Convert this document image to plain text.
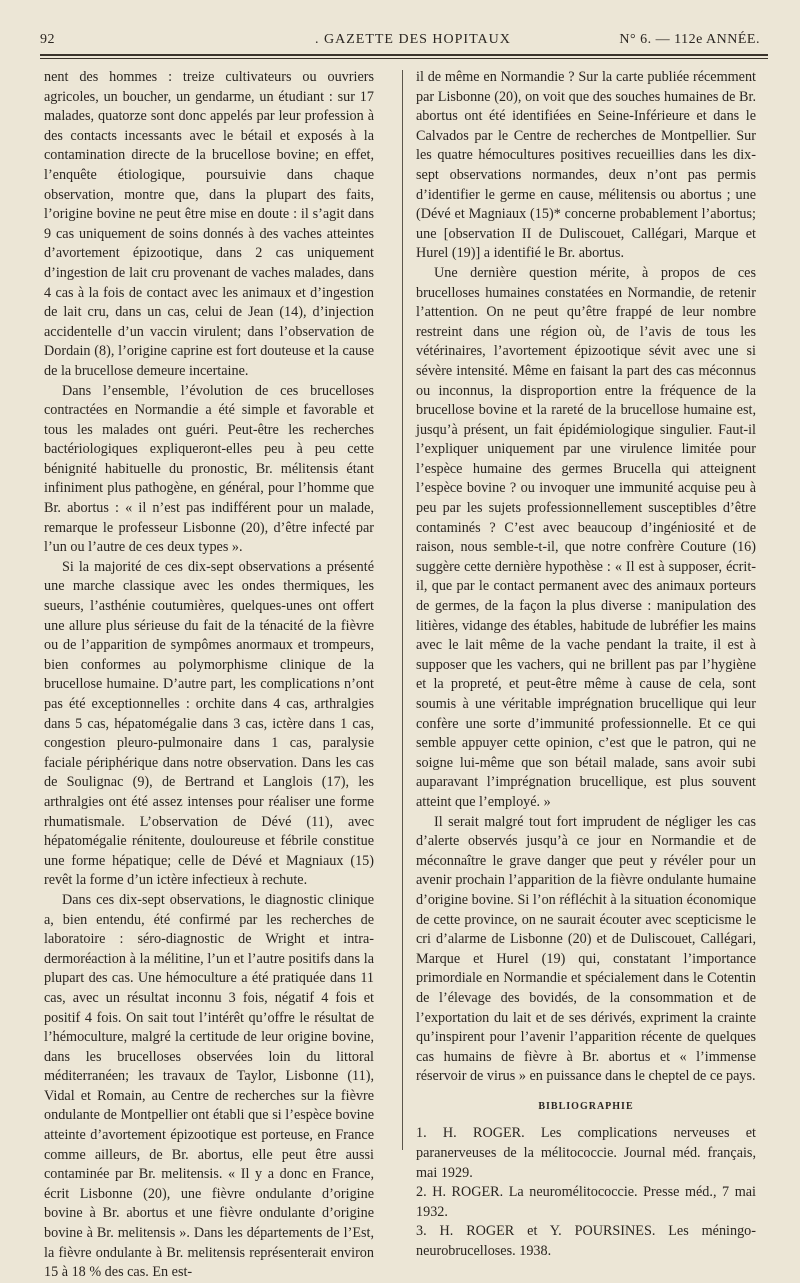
92	. GAZETTE DES HOPITAUX	N° 6. — 112e ANNÉE.

nent des hommes : treize cultivateurs ou ouvriers agricoles, un boucher, un gendarme, un étudiant : sur 17 malades, quatorze sont donc appelés par leur profession à des contacts incessants avec le bétail et exposés à la contamination directe de la brucellose bovine; en effet, l’enquête étiologique, poursuivie dans chaque observation, montre que, dans la plupart des faits, l’origine bovine ne peut être mise en doute : il s’agit dans 9 cas uniquement de soins donnés à des vaches atteintes d’avortement épizootique, dans 2 cas uniquement d’ingestion de lait cru provenant de vaches malades, dans 4 cas à la fois de contact avec les animaux et d’ingestion de lait cru, dans un cas, celui de Jean (14), d’injection accidentelle d’un vaccin virulent; dans l’observation de Dordain (8), l’origine caprine est fort douteuse et la cause de la brucellose demeure incertaine.

Dans l’ensemble, l’évolution de ces brucelloses contractées en Normandie a été simple et favorable et tous les malades ont guéri. Peut-être les recherches bactériologiques expliqueront-elles peu à peu cette bénignité habituelle du pronostic, Br. mélitensis étant infiniment plus pathogène, en général, pour l’homme que Br. abortus : « il n’est pas indifférent pour un malade, remarque le professeur Lisbonne (20), d’être infecté par l’un ou l’autre de ces deux types ».

Si la majorité de ces dix-sept observations a présenté une marche classique avec les ondes thermiques, les sueurs, l’asthénie coutumières, quelques-unes ont offert une allure plus sérieuse du fait de la ténacité de la fièvre ou de l’apparition de sympômes anormaux et trompeurs, bien conformes au polymorphisme clinique de la brucellose humaine. D’autre part, les complications n’ont pas été exceptionnelles : orchite dans 4 cas, arthralgies dans 5 cas, hépatomégalie dans 3 cas, ictère dans 1 cas, congestion pleuro-pulmonaire dans 1 cas, paralysie faciale périphérique dans notre observation. Dans les cas de Soulignac (9), de Bertrand et Langlois (17), les arthralgies ont été assez intenses pour réaliser une forme rhumatismale. L’observation de Dévé (11), avec hépatomégalie rénitente, douloureuse et fébrile constitue une forme hépatique; celle de Dévé et Magniaux (15) revêt la forme d’un ictère infectieux à rechute.

Dans ces dix-sept observations, le diagnostic clinique a, bien entendu, été confirmé par les recherches de laboratoire : séro-diagnostic de Wright et intra-dermoréaction à la mélitine, l’un et l’autre positifs dans la plupart des cas. Une hémoculture a été pratiquée dans 11 cas, avec un résultat inconnu 3 fois, négatif 4 fois et positif 4 fois. On sait tout l’intérêt qu’offre le résultat de l’hémoculture, malgré la certitude de leur origine bovine, dans les brucelloses observées loin du littoral méditerranéen; les travaux de Taylor, Lisbonne (11), Vidal et Romain, au Centre de recherches sur la fièvre ondulante de Montpellier ont établi que si l’espèce bovine atteinte d’avortement épizootique est porteuse, en France comme ailleurs, de Br. abortus, elle peut être aussi contaminée par Br. melitensis. « Il y a donc en France, écrit Lisbonne (20), une fièvre ondulante d’origine bovine à Br. abortus et une fièvre ondulante d’origine bovine à Br. melitensis ». Dans les départements de l’Est, la fièvre ondulante à Br. melitensis représenterait environ 15 à 18 % des cas. En est-

il de même en Normandie ? Sur la carte publiée récemment par Lisbonne (20), on voit que des souches humaines de Br. abortus ont été identifiées en Seine-Inférieure et dans le Calvados par le Centre de recherches de Montpellier. Sur les quatre hémocultures positives recueillies dans les dix-sept observations normandes, deux n’ont pas permis d’identifier le germe en cause, mélitensis ou abortus ; une (Dévé et Magniaux (15)* concerne probablement l’abortus; une [observation II de Duliscouet, Callégari, Marque et Hurel (19)] a identifié le Br. abortus.

Une dernière question mérite, à propos de ces brucelloses humaines constatées en Normandie, de retenir l’attention. On ne peut qu’être frappé de leur nombre restreint dans une région où, de l’avis de tous les vétérinaires, l’avortement épizootique sévit avec une si sévère intensité. Même en faisant la part des cas méconnus ou inconnus, la disproportion entre la fréquence de la brucellose bovine et la rareté de la brucellose humaine est, jusqu’à présent, un fait épidémiologique singulier. Faut-il l’expliquer uniquement par une virulence limitée pour l’espèce humaine des germes Brucella qui atteignent l’espèce bovine ? ou invoquer une immunité acquise peu à peu par les sujets professionnellement susceptibles d’être contaminés ? C’est avec beaucoup d’ingéniosité et de raison, nous semble-t-il, que notre confrère Couture (16) suggère cette dernière hypothèse : « Il est à supposer, écrit-il, que par le contact permanent avec des animaux porteurs de germes, de la façon la plus diverse : manipulation des litières, vidange des étables, habitude de lubréfier les mains avec le lait même de la vache pendant la traite, il est à supposer que les vachers, qui ne brillent pas par l’hygiène et la propreté, et peut-être même à cause de cela, sont soumis à une véritable imprégnation brucellique qui leur confère une sorte d’immunité professionnelle. Et ce qui semble appuyer cette opinion, c’est que le patron, qui ne soigne lui-même que son bétail malade, sans avoir subi auparavant l’imprégnation brucellique, est plus souvent atteint que l’employé. »

Il serait malgré tout fort imprudent de négliger les cas d’alerte observés jusqu’à ce jour en Normandie et de méconnaître le grave danger que peut y révéler pour un avenir prochain l’apparition de la fièvre ondulante humaine d’origine bovine. Si l’on réfléchit à la situation économique de cette province, on ne saurait écouter avec scepticisme le cri d’alarme de Lisbonne (20) et de Duliscouet, Callégari, Marque et Hurel (19) qui, constatant l’importance primordiale en Normandie et spécialement dans le Cotentin de l’élevage des bovidés, de la consommation et de l’exportation du lait et de ses dérivés, expriment la crainte qu’inspirent pour l’avenir l’apparition récente de quelques cas humains de fièvre à Br. abortus et « l’immense réservoir de virus » en puissance dans le cheptel de ce pays.

BIBLIOGRAPHIE

1. H. ROGER. Les complications nerveuses et paranerveuses de la mélitococcie. Journal méd. français, mai 1929.

2. H. ROGER. La neuromélitococcie. Presse méd., 7 mai 1932.

3. H. ROGER et Y. POURSINES. Les méningo-neurobrucelloses. 1938.
